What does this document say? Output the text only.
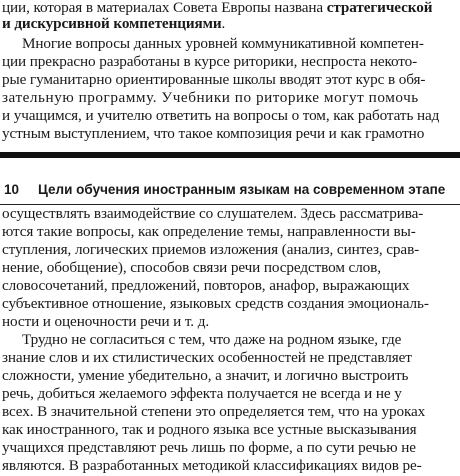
ции, которая в материалах Совета Европы названа стратегической
и дискурсивной компетенциями.
Многие вопросы данных уровней коммуникативной компетен-
ции прекрасно разработаны в курсе риторики, неспроста некото-
рые гуманитарно ориентированные школы вводят этот курс в обя-
зательную программу. Учебники по риторике могут помочь
и учащимся, и учителю ответить на вопросы о том, как работать над
устным выступлением, что такое композиция речи и как грамотно
10 Цели обучения иностранным языкам на современном этапе
осуществлять взаимодействие со слушателем. Здесь рассматрива-
ются такие вопросы, как определение темы, направленности вы-
ступления, логических приемов изложения (анализ, синтез, срав-
нение, обобщение), способов связи речи посредством слов,
словосочетаний, предложений, повторов, анафор, выражающих
субъективное отношение, языковых средств создания эмоциональ-
ности и оценочности речи и т. д.
Трудно не согласиться с тем, что даже на родном языке, где
знание слов и их стилистических особенностей не представляет
сложности, умение убедительно, а значит, и логично выстроить
речь, добиться желаемого эффекта получается не всегда и не у
всех. В значительной степени это определяется тем, что на уроках
как иностранного, так и родного языка все устные высказывания
учащихся представляют речь лишь по форме, а по сути речью не
являются. В разработанных методикой классификациях видов ре-
